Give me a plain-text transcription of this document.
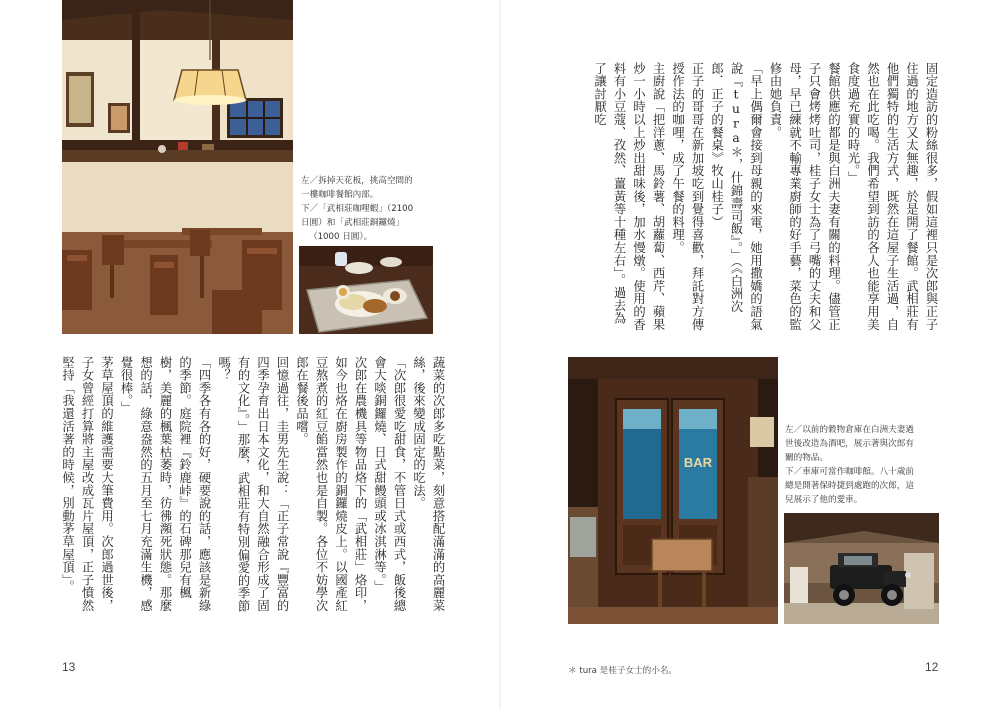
左／拆掉天花板，挑高空間的

一樓咖啡餐館內部。

下／「武相莊咖哩蝦」（2100

日圓）和「武相莊銅鑼燒」

（1000 日圓）。

蔬菜的次郎多吃點菜，刻意搭配滿滿的高麗菜絲，後來變成固定的吃法。

「次郎很愛吃甜食，不管日式或西式，飯後總會大啖銅鑼燒、日式甜饅頭或冰淇淋等。」

次郎在農機具等物品烙下的「武相莊」烙印，如今也烙在廚房製作的銅鑼燒皮上。以國產紅豆熬煮的紅豆餡當然也是自製。各位不妨學次郎在餐後品嚐。

回憶過往，圭男先生說：「正子常說『豐富的四季孕育出日本文化，和大自然融合形成了固有的文化』。」那麼，武相莊有特別偏愛的季節嗎？

「四季各有各的好，硬要說的話，應該是新綠的季節。庭院裡『鈴鹿峠』的石碑那兒有楓樹，美麗的楓葉枯萎時，彷彿瀕死狀態。那麼想的話，綠意盎然的五月至七月充滿生機，感覺很棒。」

茅草屋頂的維護需要大筆費用。次郎過世後，子女曾經打算將主屋改成瓦片屋頂，正子憤然堅持「我還活著的時候，別動茅草屋頂」。

13

固定造訪的粉絲很多，假如這裡只是次郎與正子住過的地方又太無趣，於是開了餐館。武相莊有他們獨特的生活方式，既然在這屋子生活過，自然也在此吃喝。我們希望到訪的各人也能享用美食度過充實的時光。」

餐館供應的都是與白洲夫妻有關的料理。儘管正子只會烤烤吐司，桂子女士為了弓嘴的丈夫和父母，早已練就不輸專業廚師的好手藝，菜色的監修由她負責。

「早上偶爾會接到母親的來電，她用撒嬌的語氣說『tura＊，什錦壽司飯』。」（《白洲次郎．正子的餐桌》牧山桂子）

正子的哥哥在新加坡吃到覺得喜歡，拜託對方傳授作法的咖哩，成了午餐的料理。

主廚說「把洋蔥、馬鈴薯、胡蘿蔔、西芹、蘋果炒一小時以上炒出甜味後，加水慢燉。使用的香料有小豆蔻、孜然、薑黃等十種左右」。過去為了讓討厭吃

BAR

左／以前的穀物倉庫在白洲夫妻過

世後改造為酒吧，展示著與次郎有

關的物品。

下／車庫可當作咖啡館。八十歲前

總是開著保時捷到處跑的次郎，這

兒展示了他的愛車。

＊ tura 是桂子女士的小名。	12
